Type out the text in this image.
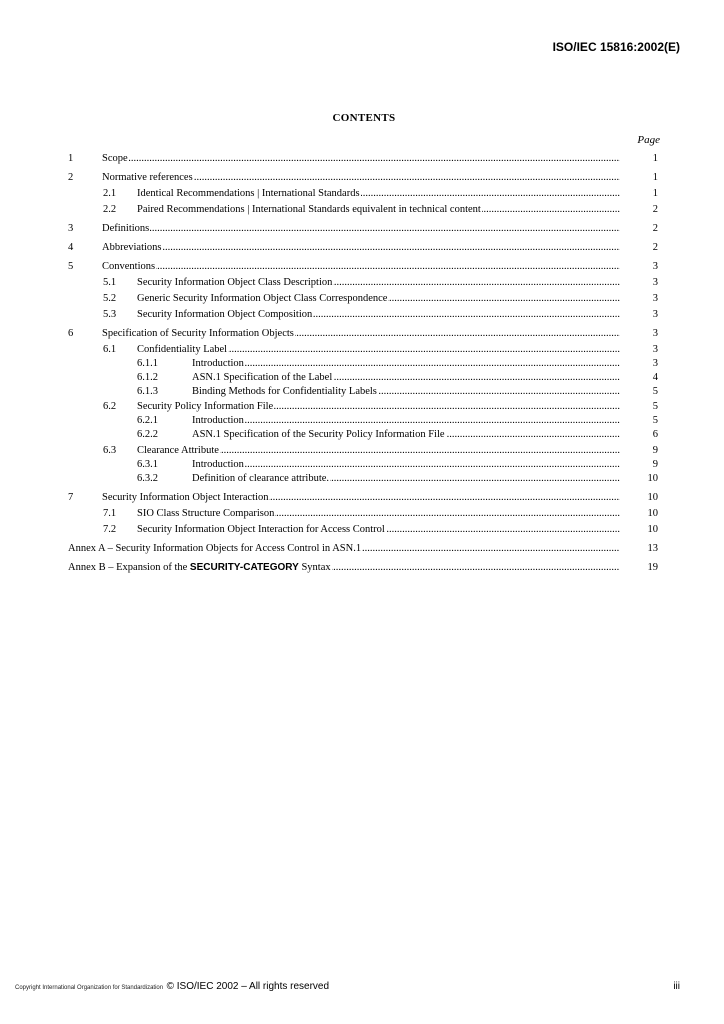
ISO/IEC 15816:2002(E)
CONTENTS
Page
1	Scope .....	1
2	Normative references .....	1
2.1 Identical Recommendations | International Standards .....	1
2.2 Paired Recommendations | International Standards equivalent in technical content .....	2
3	Definitions .....	2
4	Abbreviations .....	2
5	Conventions .....	3
5.1 Security Information Object Class Description .....	3
5.2 Generic Security Information Object Class Correspondence .....	3
5.3 Security Information Object Composition .....	3
6	Specification of Security Information Objects .....	3
6.1 Confidentiality Label .....	3
6.1.1	Introduction .....	3
6.1.2	ASN.1 Specification of the Label .....	4
6.1.3	Binding Methods for Confidentiality Labels .....	5
6.2 Security Policy Information File .....	5
6.2.1	Introduction .....	5
6.2.2	ASN.1 Specification of the Security Policy Information File .....	6
6.3 Clearance Attribute .....	9
6.3.1	Introduction .....	9
6.3.2	Definition of clearance attribute. .....	10
7	Security Information Object Interaction .....	10
7.1 SIO Class Structure Comparison .....	10
7.2 Security Information Object Interaction for Access Control .....	10
Annex A – Security Information Objects for Access Control in ASN.1 .....	13
Annex B – Expansion of the SECURITY-CATEGORY Syntax .....	19
Copyright International Organization for Standardization © ISO/IEC 2002 – All rights reserved	iii
